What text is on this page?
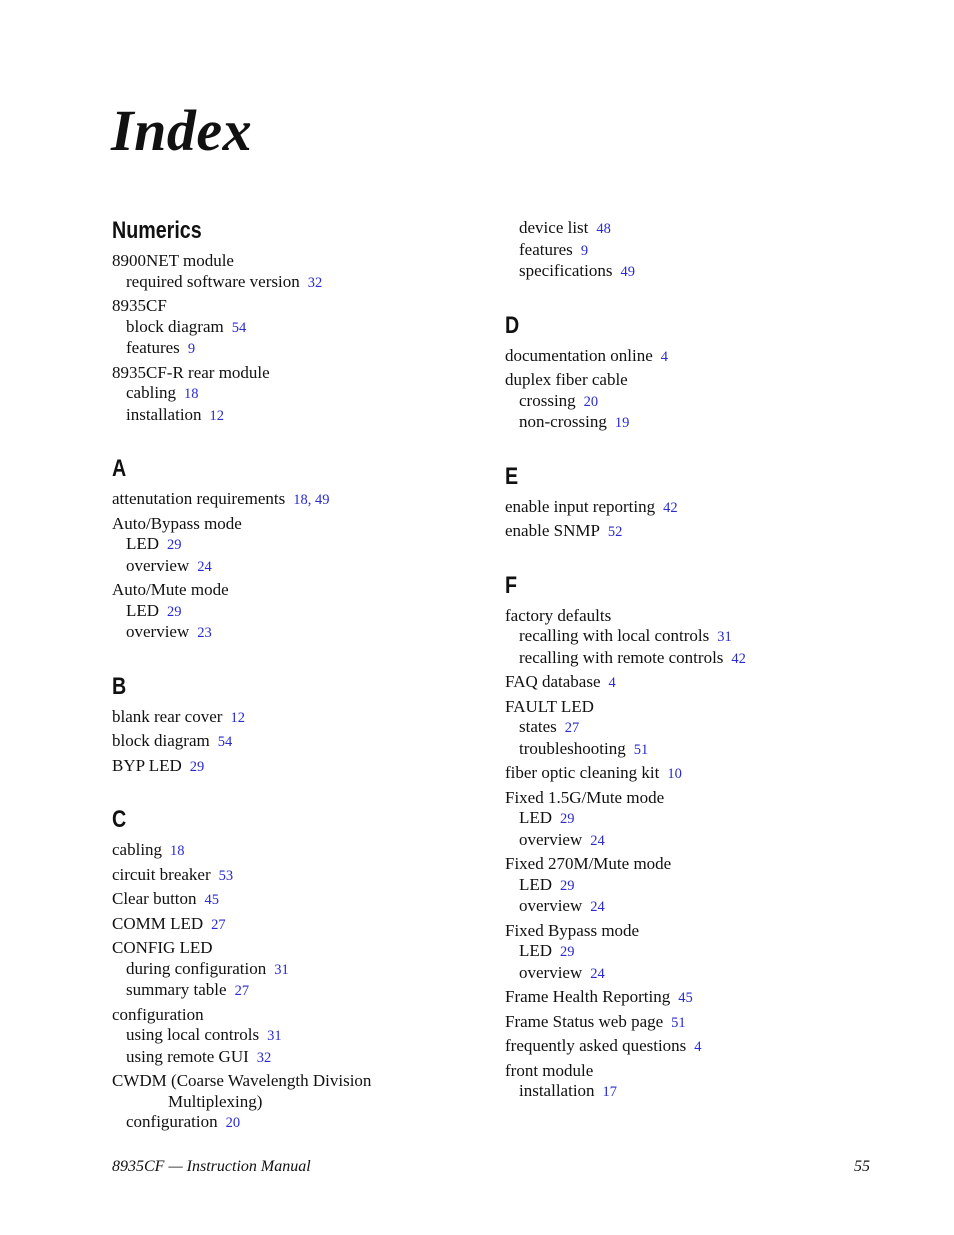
Index
Numerics
8900NET module
required software version 32
8935CF
block diagram 54
features 9
8935CF-R rear module
cabling 18
installation 12
A
attenutation requirements 18, 49
Auto/Bypass mode
LED 29
overview 24
Auto/Mute mode
LED 29
overview 23
B
blank rear cover 12
block diagram 54
BYP LED 29
C
cabling 18
circuit breaker 53
Clear button 45
COMM LED 27
CONFIG LED
during configuration 31
summary table 27
configuration
using local controls 31
using remote GUI 32
CWDM (Coarse Wavelength Division
Multiplexing)
configuration 20
device list 48
features 9
specifications 49
D
documentation online 4
duplex fiber cable
crossing 20
non-crossing 19
E
enable input reporting 42
enable SNMP 52
F
factory defaults
recalling with local controls 31
recalling with remote controls 42
FAQ database 4
FAULT LED
states 27
troubleshooting 51
fiber optic cleaning kit 10
Fixed 1.5G/Mute mode
LED 29
overview 24
Fixed 270M/Mute mode
LED 29
overview 24
Fixed Bypass mode
LED 29
overview 24
Frame Health Reporting 45
Frame Status web page 51
frequently asked questions 4
front module
installation 17
8935CF — Instruction Manual	55
